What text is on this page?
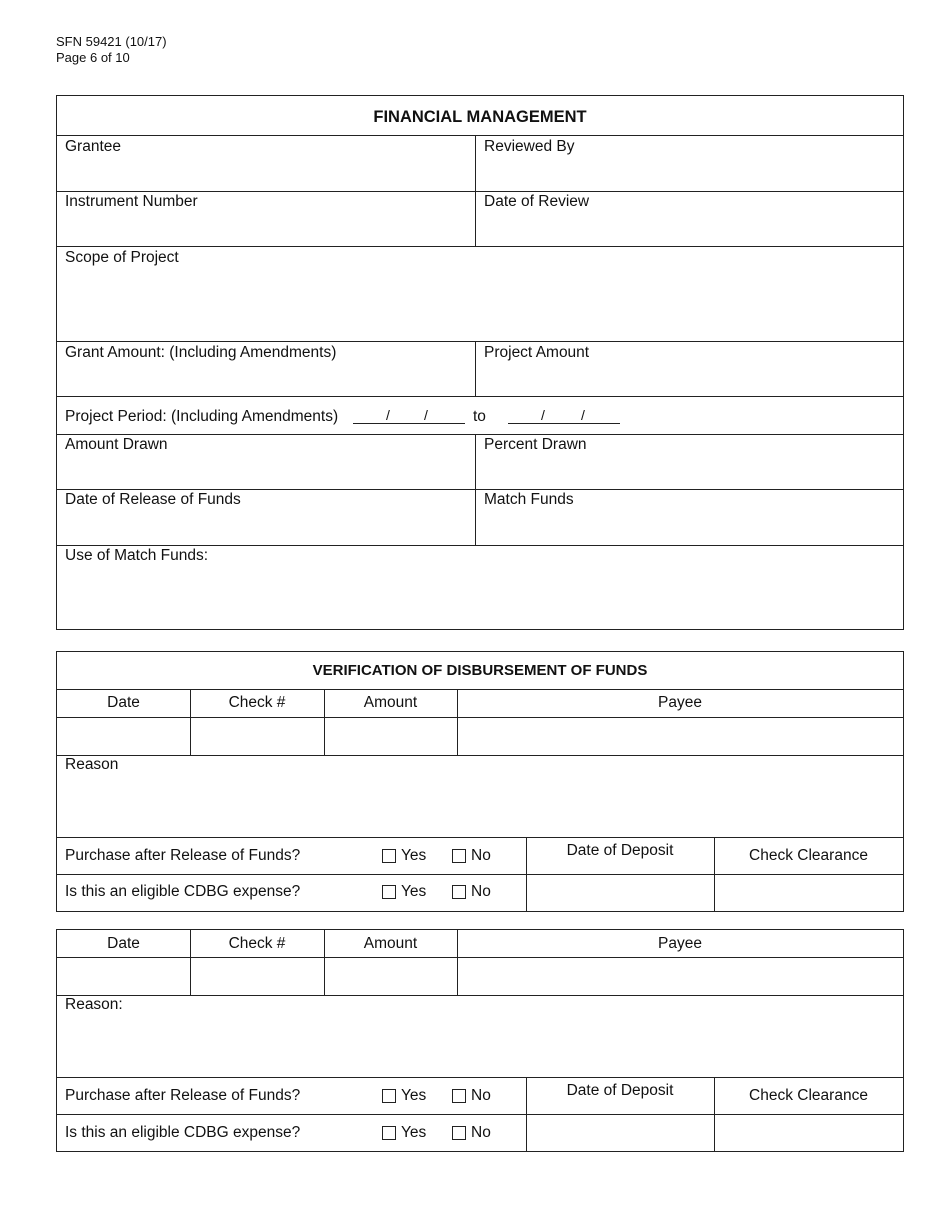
SFN 59421 (10/17)
Page 6 of 10
FINANCIAL MANAGEMENT
Grantee	Reviewed By
Instrument Number	Date of Review
Scope of Project
Grant Amount: (Including Amendments)	Project Amount
Project Period: (Including Amendments)	/ /	to	/	/
Amount Drawn	Percent Drawn
Date of Release of Funds	Match Funds
Use of Match Funds:
VERIFICATION OF DISBURSEMENT OF FUNDS
Date	Check #	Amount	Payee
Reason
Purchase after Release of Funds?	Yes	No	Date of Deposit	Check Clearance
Is this an eligible CDBG expense?	Yes	No
Date	Check #	Amount	Payee
Reason:
Purchase after Release of Funds?	Yes	No	Date of Deposit	Check Clearance
Is this an eligible CDBG expense?	Yes	No
